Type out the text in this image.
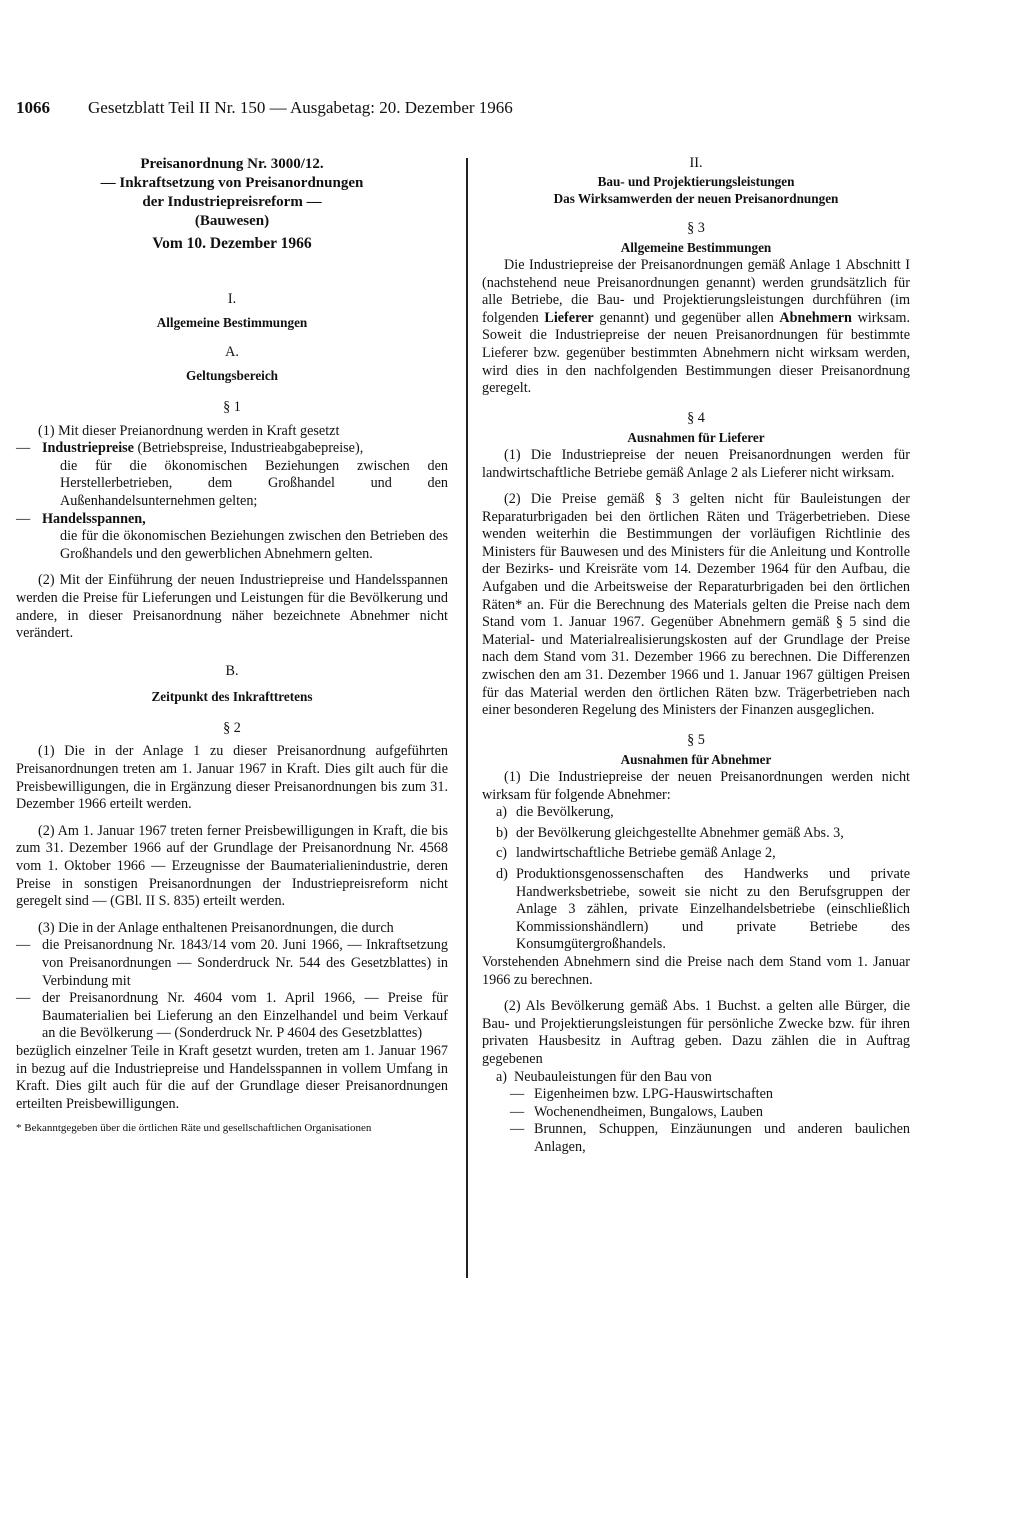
1066 Gesetzblatt Teil II Nr. 150 — Ausgabetag: 20. Dezember 1966
Preisanordnung Nr. 3000/12.
— Inkraftsetzung von Preisanordnungen
der Industriepreisreform —
(Bauwesen)
Vom 10. Dezember 1966
I.
Allgemeine Bestimmungen
A.
Geltungsbereich
§ 1

(1) Mit dieser Preianordnung werden in Kraft gesetzt

— Industriepreise (Betriebspreise, Industrieabgabepreise),
die für die ökonomischen Beziehungen zwischen den Herstellerbetrieben, dem Großhandel und den Außenhandelsunternehmen gelten;
— Handelsspannen,
die für die ökonomischen Beziehungen zwischen den Betrieben des Großhandels und den gewerblichen Abnehmern gelten.

(2) Mit der Einführung der neuen Industriepreise und Handelsspannen werden die Preise für Lieferungen und Leistungen für die Bevölkerung und andere, in dieser Preisanordnung näher bezeichnete Abnehmer nicht verändert.

B.
Zeitpunkt des Inkrafttretens
§ 2

(1) Die in der Anlage 1 zu dieser Preisanordnung aufgeführten Preisanordnungen treten am 1. Januar 1967 in Kraft. Dies gilt auch für die Preisbewilligungen, die in Ergänzung dieser Preisanordnungen bis zum 31. Dezember 1966 erteilt werden.

(2) Am 1. Januar 1967 treten ferner Preisbewilligungen in Kraft, die bis zum 31. Dezember 1966 auf der Grundlage der Preisanordnung Nr. 4568 vom 1. Oktober 1966 — Erzeugnisse der Baumaterialienindustrie, deren Preise in sonstigen Preisanordnungen der Industriepreisreform nicht geregelt sind — (GBl. II S. 835) erteilt werden.

(3) Die in der Anlage enthaltenen Preisanordnungen, die durch

— die Preisanordnung Nr. 1843/14 vom 20. Juni 1966, — Inkraftsetzung von Preisanordnungen — Sonderdruck Nr. 544 des Gesetzblattes) in Verbindung mit
— der Preisanordnung Nr. 4604 vom 1. April 1966, — Preise für Baumaterialien bei Lieferung an den Einzelhandel und beim Verkauf an die Bevölkerung — (Sonderdruck Nr. P 4604 des Gesetzblattes)

bezüglich einzelner Teile in Kraft gesetzt wurden, treten am 1. Januar 1967 in bezug auf die Industriepreise und Handelsspannen in vollem Umfang in Kraft. Dies gilt auch für die auf der Grundlage dieser Preisanordnungen erteilten Preisbewilligungen.

* Bekanntgegeben über die örtlichen Räte und gesellschaftlichen Organisationen
II.
Bau- und Projektierungsleistungen
Das Wirksamwerden der neuen Preisanordnungen
§ 3
Allgemeine Bestimmungen

Die Industriepreise der Preisanordnungen gemäß Anlage 1 Abschnitt I (nachstehend neue Preisanordnungen genannt) werden grundsätzlich für alle Betriebe, die Bau- und Projektierungsleistungen durchführen (im folgenden Lieferer genannt) und gegenüber allen Abnehmern wirksam. Soweit die Industriepreise der neuen Preisanordnungen für bestimmte Lieferer bzw. gegenüber bestimmten Abnehmern nicht wirksam werden, wird dies in den nachfolgenden Bestimmungen dieser Preisanordnung geregelt.

§ 4
Ausnahmen für Lieferer

(1) Die Industriepreise der neuen Preisanordnungen werden für landwirtschaftliche Betriebe gemäß Anlage 2 als Lieferer nicht wirksam.

(2) Die Preise gemäß § 3 gelten nicht für Bauleistungen der Reparaturbrigaden bei den örtlichen Räten und Trägerbetrieben. Diese wenden weiterhin die Bestimmungen der vorläufigen Richtlinie des Ministers für Bauwesen und des Ministers für die Anleitung und Kontrolle der Bezirks- und Kreisräte vom 14. Dezember 1964 für den Aufbau, die Aufgaben und die Arbeitsweise der Reparaturbrigaden bei den örtlichen Räten* an. Für die Berechnung des Materials gelten die Preise nach dem Stand vom 1. Januar 1967. Gegenüber Abnehmern gemäß § 5 sind die Material- und Materialrealisierungskosten auf der Grundlage der Preise nach dem Stand vom 31. Dezember 1966 zu berechnen. Die Differenzen zwischen den am 31. Dezember 1966 und 1. Januar 1967 gültigen Preisen für das Material werden den örtlichen Räten bzw. Trägerbetrieben nach einer besonderen Regelung des Ministers der Finanzen ausgeglichen.

§ 5
Ausnahmen für Abnehmer

(1) Die Industriepreise der neuen Preisanordnungen werden nicht wirksam für folgende Abnehmer:

a) die Bevölkerung,
b) der Bevölkerung gleichgestellte Abnehmer gemäß Abs. 3,
c) landwirtschaftliche Betriebe gemäß Anlage 2,
d) Produktionsgenossenschaften des Handwerks und private Handwerksbetriebe, soweit sie nicht zu den Berufsgruppen der Anlage 3 zählen, private Einzelhandelsbetriebe (einschließlich Kommissionshändlern) und private Betriebe des Konsumgütergroßhandels.

Vorstehenden Abnehmern sind die Preise nach dem Stand vom 1. Januar 1966 zu berechnen.

(2) Als Bevölkerung gemäß Abs. 1 Buchst. a gelten alle Bürger, die Bau- und Projektierungsleistungen für persönliche Zwecke bzw. für ihren privaten Hausbesitz in Auftrag geben. Dazu zählen die in Auftrag gegebenen

a) Neubauleistungen für den Bau von
— Eigenheimen bzw. LPG-Hauswirtschaften
— Wochenendheimen, Bungalows, Lauben
— Brunnen, Schuppen, Einzäunungen und anderen baulichen Anlagen,
